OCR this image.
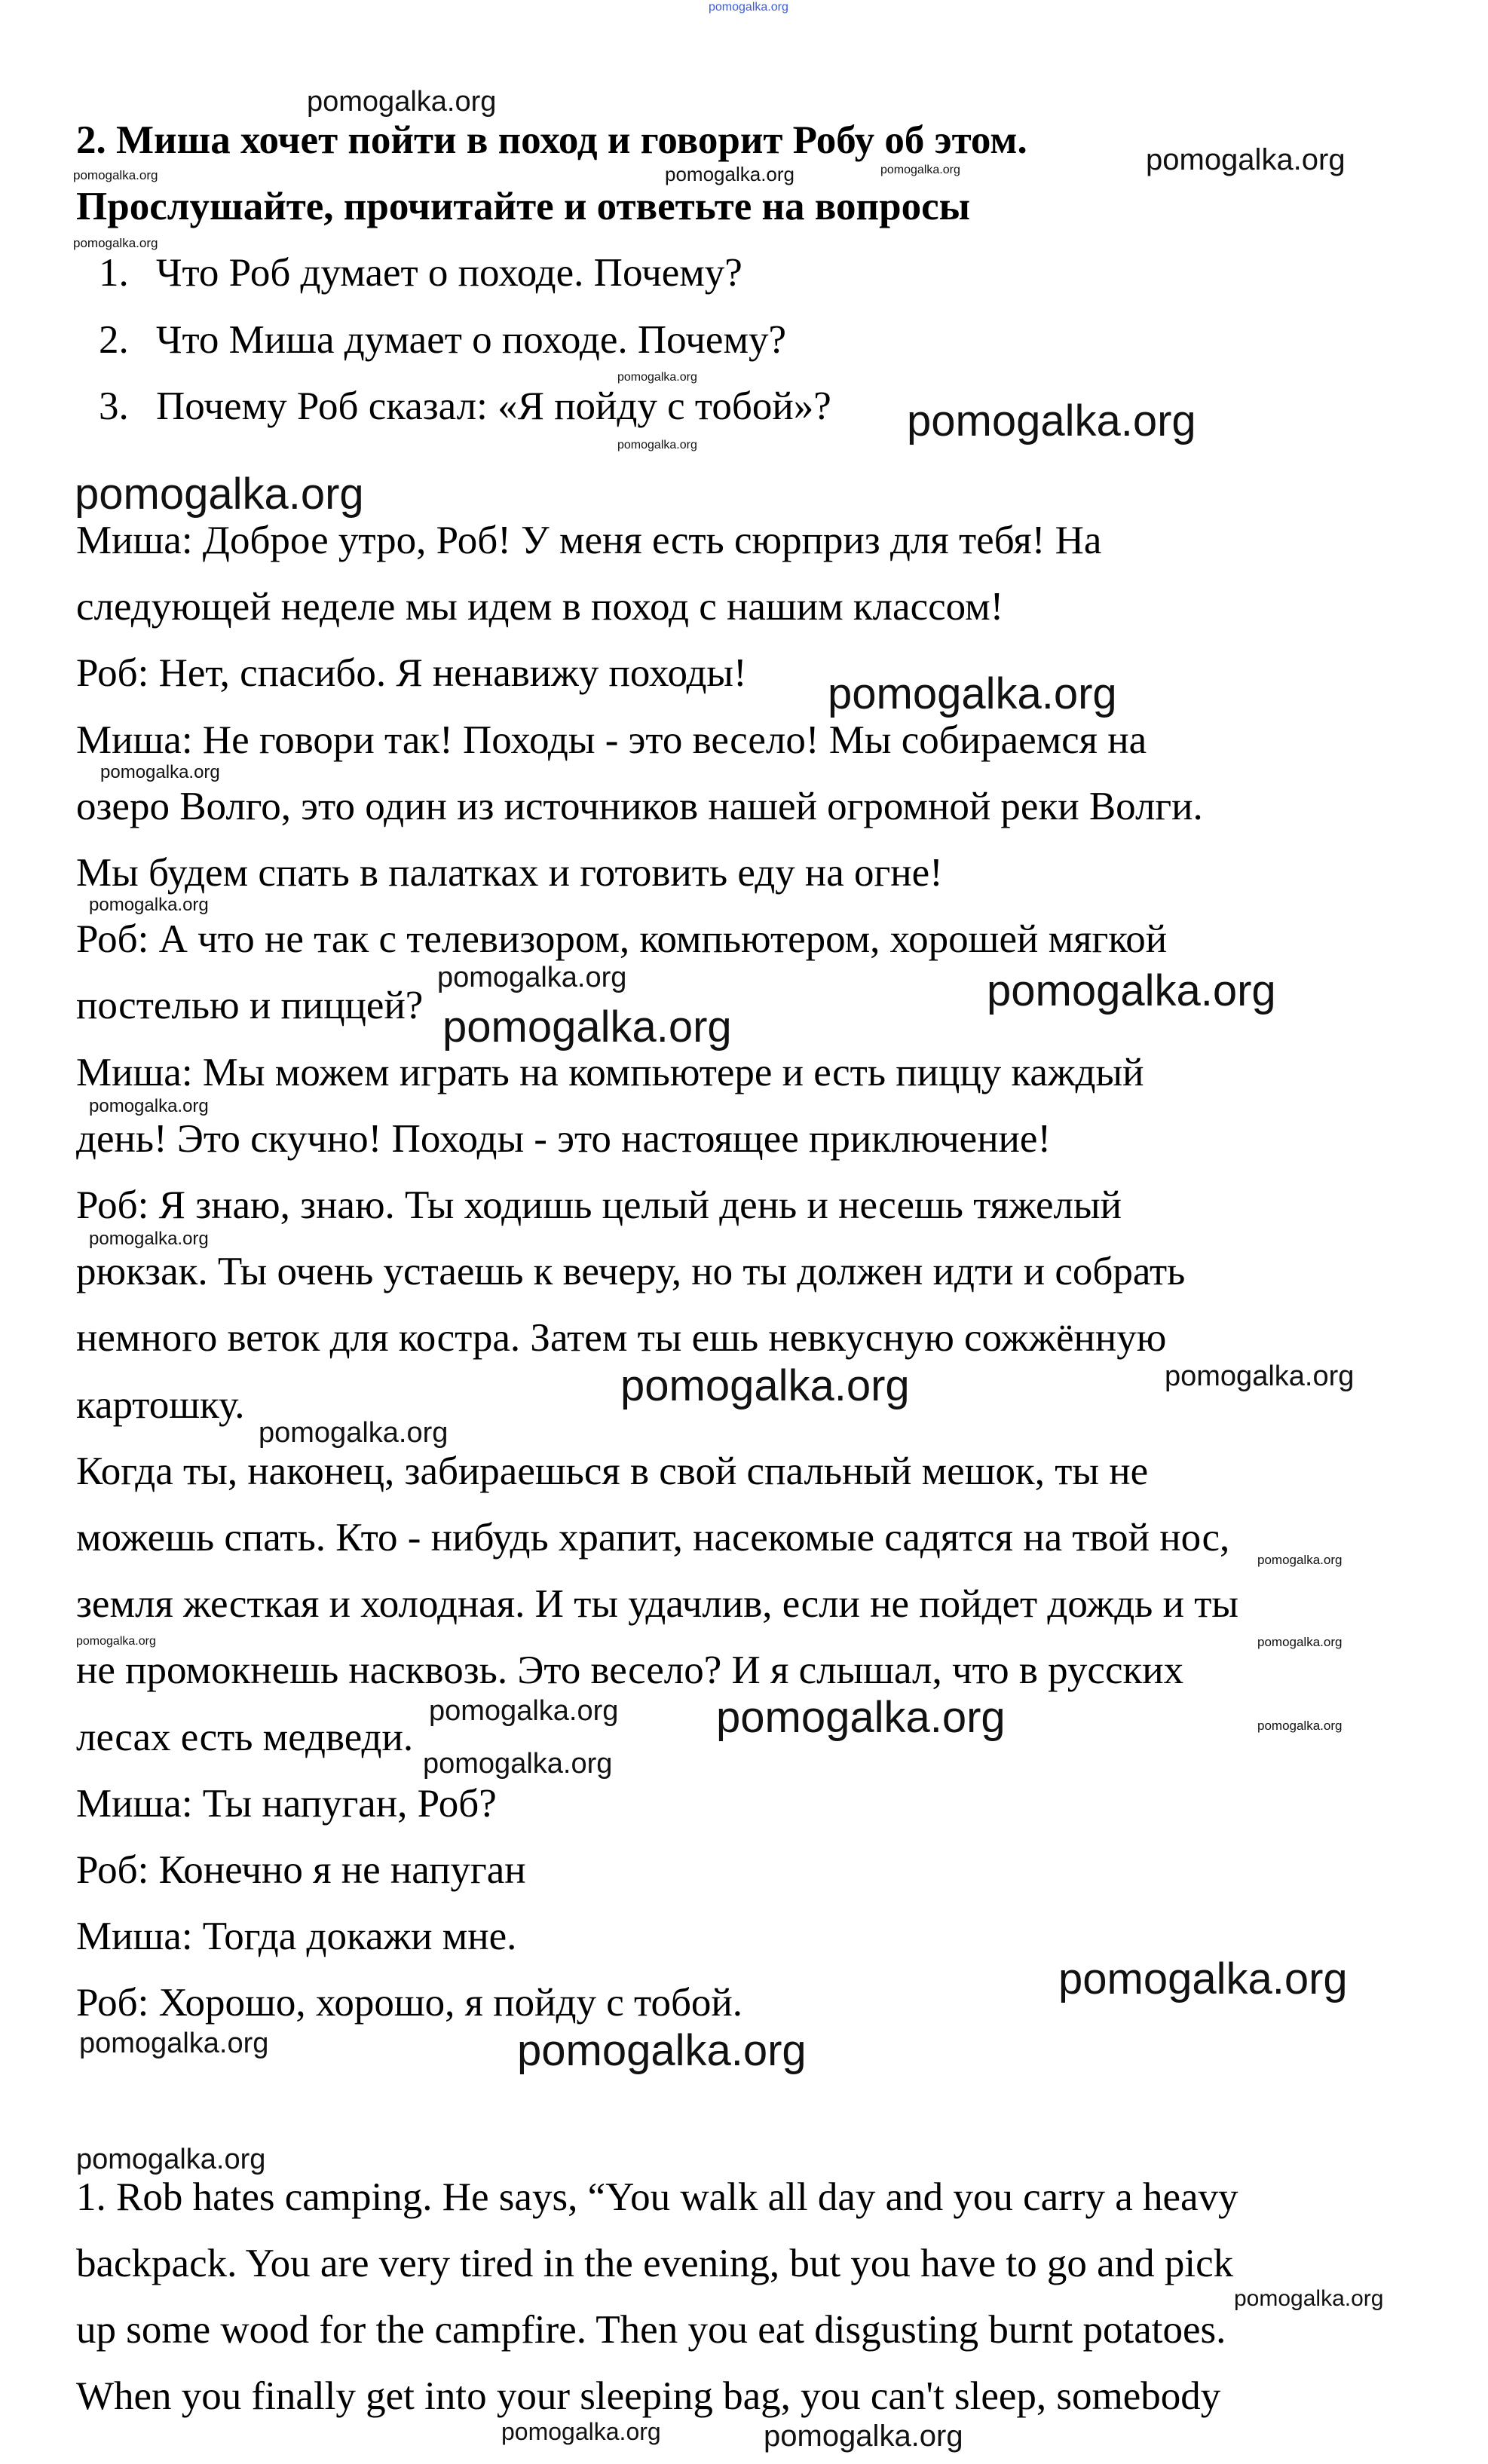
2. Миша хочет пойти в поход и говорит Робу об этом.
Прослушайте, прочитайте и ответьте на вопросы
1. Что Роб думает о походе. Почему?
2. Что Миша думает о походе. Почему?
3. Почему Роб сказал: «Я пойду с тобой»?
Миша: Доброе утро, Роб! У меня есть сюрприз для тебя! На
следующей неделе мы идем в поход с нашим классом!
Роб: Нет, спасибо. Я ненавижу походы!
Миша: Не говори так! Походы - это весело! Мы собираемся на
озеро Волго, это один из источников нашей огромной реки Волги.
Мы будем спать в палатках и готовить еду на огне!
Роб: А что не так с телевизором, компьютером, хорошей мягкой
постелью и пиццей?
Миша: Мы можем играть на компьютере и есть пиццу каждый
день! Это скучно! Походы - это настоящее приключение!
Роб: Я знаю, знаю. Ты ходишь целый день и несешь тяжелый
рюкзак. Ты очень устаешь к вечеру, но ты должен идти и собрать
немного веток для костра. Затем ты ешь невкусную сожжённую
картошку.
Когда ты, наконец, забираешься в свой спальный мешок, ты не
можешь спать. Кто - нибудь храпит, насекомые садятся на твой нос,
земля жесткая и холодная. И ты удачлив, если не пойдет дождь и ты
не промокнешь насквозь. Это весело? И я слышал, что в русских
лесах есть медведи.
Миша: Ты напуган, Роб?
Роб: Конечно я не напуган
Миша: Тогда докажи мне.
Роб: Хорошо, хорошо, я пойду с тобой.
1. Rob hates camping. He says, “You walk all day and you carry a heavy
backpack. You are very tired in the evening, but you have to go and pick
up some wood for the campfire. Then you eat disgusting burnt potatoes.
When you finally get into your sleeping bag, you can't sleep, somebody
pomogalka.org
pomogalka.org
pomogalka.org
pomogalka.org
pomogalka.org	pomogalka.org
pomogalka.org
pomogalka.org
pomogalka.org	pomogalka.org
pomogalka.org
pomogalka.org
pomogalka.org
pomogalka.org
pomogalka.org
pomogalka.org
pomogalka.org
pomogalka.org
pomogalka.org
pomogalka.org	pomogalka.org
pomogalka.org
pomogalka.org
pomogalka.org
pomogalka.org
pomogalka.org
pomogalka.org	pomogalka.org
pomogalka.org
pomogalka.org
pomogalka.org	pomogalka.org
pomogalka.org
pomogalka.org
pomogalka.org	pomogalka.org
